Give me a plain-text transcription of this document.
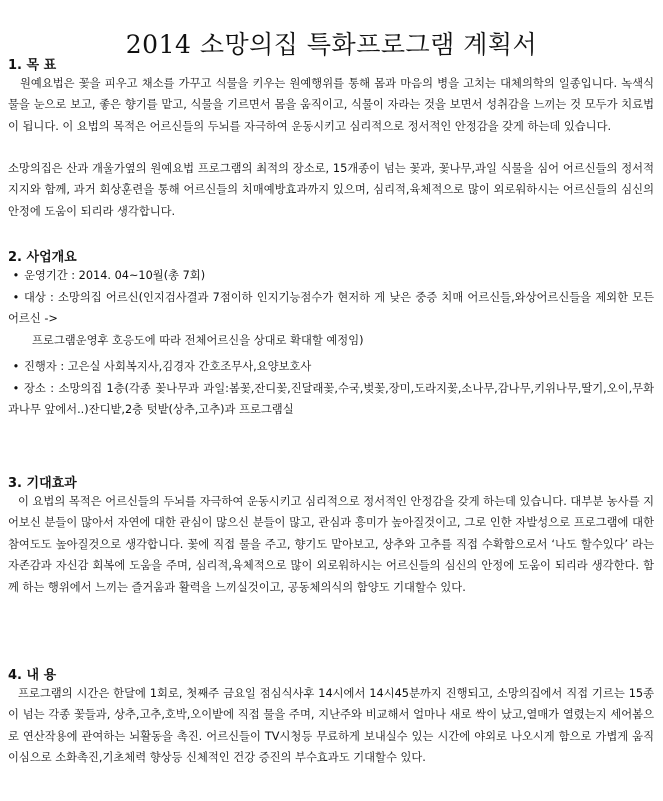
2014 소망의집 특화프로그램 계획서
1. 목 표

원예요법은 꽃을 피우고 채소를 가꾸고 식물을 키우는 원예행위를 통해 몸과 마음의 병을 고치는 대체의학의 일종입니다. 녹색식물을 눈으로 보고, 좋은 향기를 맡고, 식물을 기르면서 몸을 움직이고, 식물이 자라는 것을 보면서 성취감을 느끼는 것 모두가 치료법이 됩니다. 이 요법의 목적은 어르신들의 두뇌를 자극하여 운동시키고 심리적으로 정서적인 안정감을 갖게 하는데 있습니다.

소망의집은 산과 개울가옆의 원예요법 프로그램의 최적의 장소로, 15개종이 넘는 꽃과, 꽃나무,과일 식물을 심어 어르신들의 정서적지지와 함께, 과거 회상훈련을 통해 어르신들의 치매예방효과까지 있으며, 심리적,육체적으로 많이 외로워하시는 어르신들의 심신의 안정에 도움이 되리라 생각합니다.

2. 사업개요

• 운영기간 : 2014. 04~10월(총 7회)

• 대상 : 소망의집 어르신(인지검사결과 7점이하 인지기능점수가 현저하 게 낮은 중증 치매 어르신들,와상어르신들을 제외한 모든 어르신 ->

프로그램운영후 호응도에 따라 전체어르신을 상대로 확대할 예정임)

• 진행자 : 고은실 사회복지사,김경자 간호조무사,요양보호사

• 장소 : 소망의집 1층(각종 꽃나무과 과일:봄꽃,잔디꽃,진달래꽃,수국,벚꽃,장미,도라지꽃,소나무,감나무,키위나무,딸기,오이,무화과나무 앞에서..)잔디밭,2층 텃밭(상추,고추)과 프로그램실

3. 기대효과

이 요법의 목적은 어르신들의 두뇌를 자극하여 운동시키고 심리적으로 정서적인 안정감을 갖게 하는데 있습니다. 대부분 농사를 지어보신 분들이 많아서 자연에 대한 관심이 많으신 분들이 많고, 관심과 흥미가 높아질것이고, 그로 인한 자발성으로 프로그램에 대한 참여도도 높아질것으로 생각합니다. 꽃에 직접 물을 주고, 향기도 맡아보고, 상추와 고추를 직접 수확함으로서 ‘나도 할수있다’ 라는 자존감과 자신감 회복에 도움을 주며, 심리적,육체적으로 많이 외로워하시는 어르신들의 심신의 안정에 도움이 되리라 생각한다. 함께 하는 행위에서 느끼는 즐거움과 활력을 느끼실것이고, 공동체의식의 함양도 기대할수 있다.

4. 내 용

프로그램의 시간은 한달에 1회로, 첫째주 금요일 점심식사후 14시에서 14시45분까지 진행되고, 소망의집에서 직접 기르는 15종이 넘는 각종 꽃들과, 상추,고추,호박,오이밭에 직접 물을 주며, 지난주와 비교해서 얼마나 새로 싹이 났고,열매가 열렸는지 세어봄으로 연산작용에 관여하는 뇌활동을 촉진. 어르신들이 TV시청등 무료하게 보내실수 있는 시간에 야외로 나오시게 함으로 가볍게 움직이심으로 소화촉진,기초체력 향상등 신체적인 건강 증진의 부수효과도 기대할수 있다.
